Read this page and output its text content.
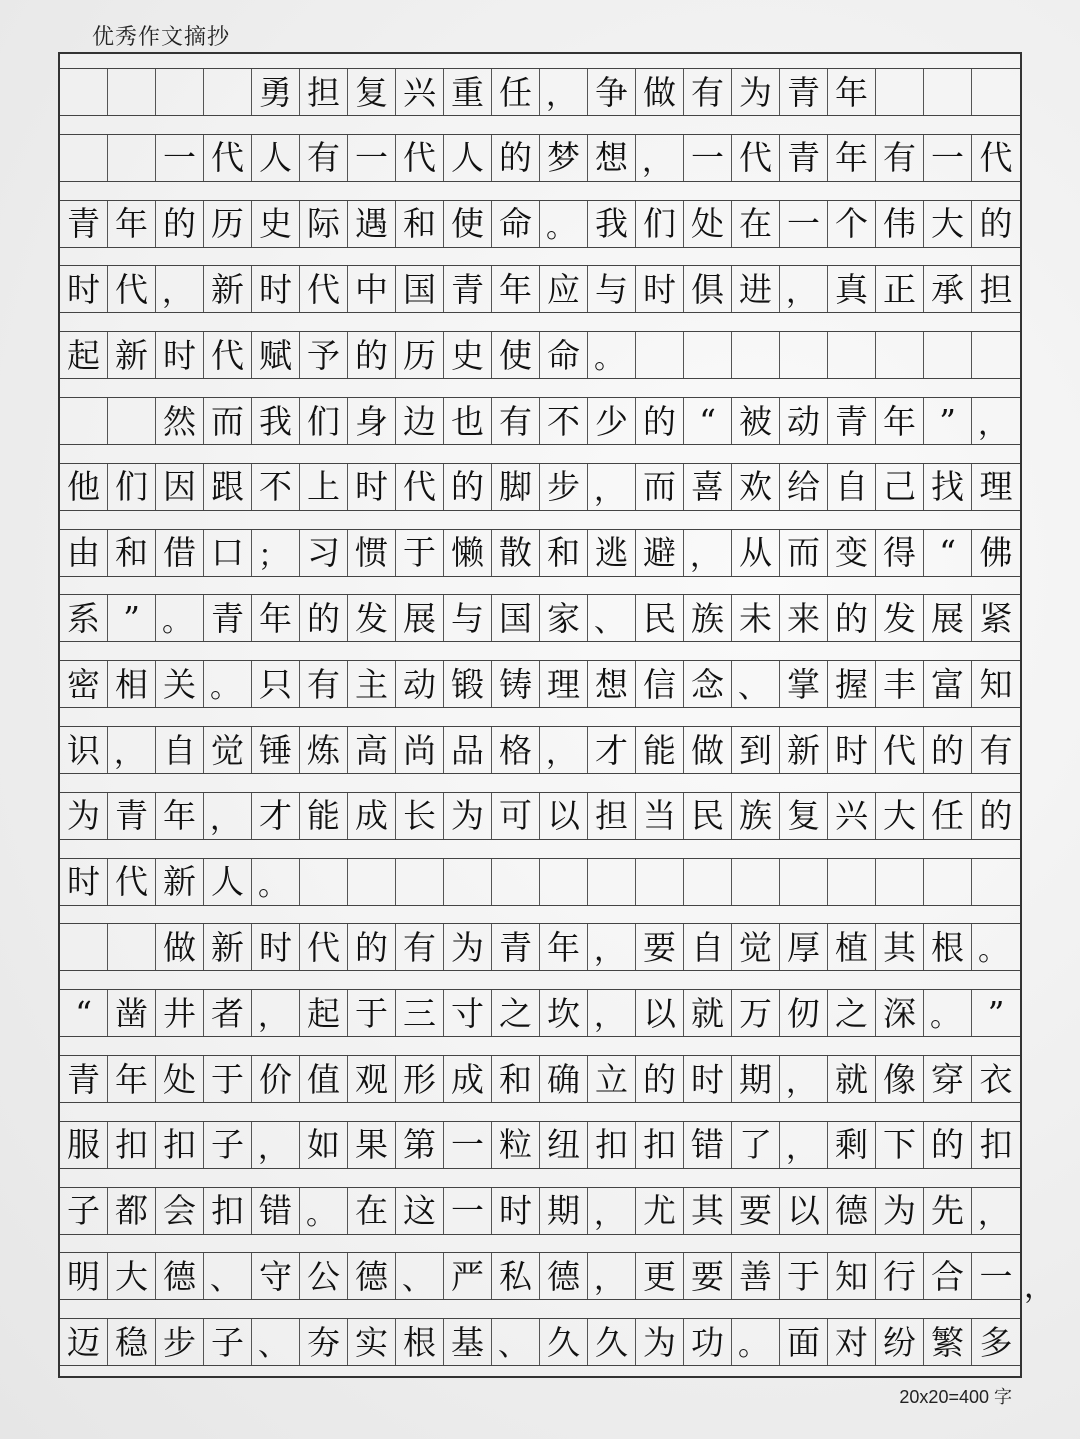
优秀作文摘抄
勇 担 复 兴 重 任 ， 争 做 有 为 青 年
一 代 人 有 一 代 人 的 梦 想 ， 一 代 青 年 有 一 代
青 年 的 历 史 际 遇 和 使 命 。 我 们 处 在 一 个 伟 大 的
时 代 ， 新 时 代 中 国 青 年 应 与 时 俱 进 ， 真 正 承 担
起 新 时 代 赋 予 的 历 史 使 命 。
然 而 我 们 身 边 也 有 不 少 的 “ 被 动 青 年 ” ，
他 们 因 跟 不 上 时 代 的 脚 步 ， 而 喜 欢 给 自 己 找 理
由 和 借 口 ； 习 惯 于 懒 散 和 逃 避 ， 从 而 变 得 “ 佛
系 ” 。 青 年 的 发 展 与 国 家 、 民 族 未 来 的 发 展 紧
密 相 关 。 只 有 主 动 锻 铸 理 想 信 念 、 掌 握 丰 富 知
识 ， 自 觉 锤 炼 高 尚 品 格 ， 才 能 做 到 新 时 代 的 有
为 青 年 ， 才 能 成 长 为 可 以 担 当 民 族 复 兴 大 任 的
时 代 新 人 。
做 新 时 代 的 有 为 青 年 ， 要 自 觉 厚 植 其 根 。
“ 凿 井 者 ， 起 于 三 寸 之 坎 ， 以 就 万 仞 之 深 。 ”
青 年 处 于 价 值 观 形 成 和 确 立 的 时 期 ， 就 像 穿 衣
服 扣 扣 子 ， 如 果 第 一 粒 纽 扣 扣 错 了 ， 剩 下 的 扣
子 都 会 扣 错 。 在 这 一 时 期 ， 尤 其 要 以 德 为 先 ，
明 大 德 、 守 公 德 、 严 私 德 ， 更 要 善 于 知 行 合 一
迈 稳 步 子 、 夯 实 根 基 、 久 久 为 功 。 面 对 纷 繁 多
20x20=400 字
，
